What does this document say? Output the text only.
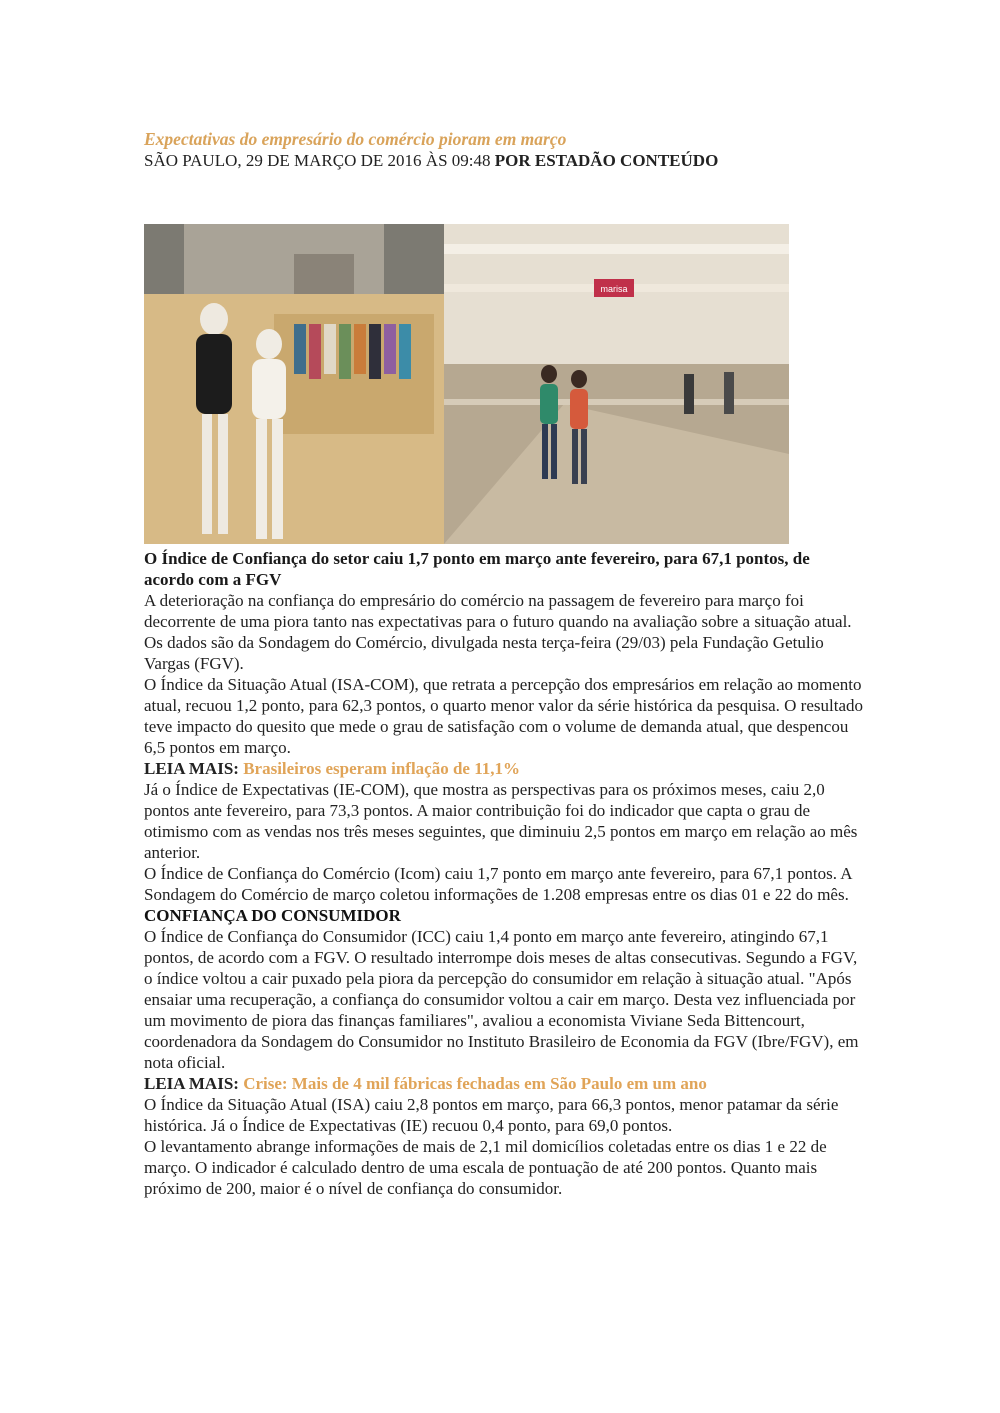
Expectativas do empresário do comércio pioram em março

SÃO PAULO, 29 DE MARÇO DE 2016 ÀS 09:48 POR ESTADÃO CONTEÚDO

marisa

O Índice de Confiança do setor caiu 1,7 ponto em março ante fevereiro, para 67,1 pontos, de acordo com a FGV

A deterioração na confiança do empresário do comércio na passagem de fevereiro para março foi decorrente de uma piora tanto nas expectativas para o futuro quando na avaliação sobre a situação atual. Os dados são da Sondagem do Comércio, divulgada nesta terça-feira (29/03) pela Fundação Getulio Vargas (FGV).

O Índice da Situação Atual (ISA-COM), que retrata a percepção dos empresários em relação ao momento atual, recuou 1,2 ponto, para 62,3 pontos, o quarto menor valor da série histórica da pesquisa. O resultado teve impacto do quesito que mede o grau de satisfação com o volume de demanda atual, que despencou 6,5 pontos em março.

LEIA MAIS: Brasileiros esperam inflação de 11,1%

Já o Índice de Expectativas (IE-COM), que mostra as perspectivas para os próximos meses, caiu 2,0 pontos ante fevereiro, para 73,3 pontos. A maior contribuição foi do indicador que capta o grau de otimismo com as vendas nos três meses seguintes, que diminuiu 2,5 pontos em março em relação ao mês anterior.

O Índice de Confiança do Comércio (Icom) caiu 1,7 ponto em março ante fevereiro, para 67,1 pontos. A Sondagem do Comércio de março coletou informações de 1.208 empresas entre os dias 01 e 22 do mês.

CONFIANÇA DO CONSUMIDOR

O Índice de Confiança do Consumidor (ICC) caiu 1,4 ponto em março ante fevereiro, atingindo 67,1 pontos, de acordo com a FGV. O resultado interrompe dois meses de altas consecutivas. Segundo a FGV, o índice voltou a cair puxado pela piora da percepção do consumidor em relação à situação atual. "Após ensaiar uma recuperação, a confiança do consumidor voltou a cair em março. Desta vez influenciada por um movimento de piora das finanças familiares", avaliou a economista Viviane Seda Bittencourt, coordenadora da Sondagem do Consumidor no Instituto Brasileiro de Economia da FGV (Ibre/FGV), em nota oficial.

LEIA MAIS: Crise: Mais de 4 mil fábricas fechadas em São Paulo em um ano

O Índice da Situação Atual (ISA) caiu 2,8 pontos em março, para 66,3 pontos, menor patamar da série histórica. Já o Índice de Expectativas (IE) recuou 0,4 ponto, para 69,0 pontos.

O levantamento abrange informações de mais de 2,1 mil domicílios coletadas entre os dias 1 e 22 de março. O indicador é calculado dentro de uma escala de pontuação de até 200 pontos. Quanto mais próximo de 200, maior é o nível de confiança do consumidor.
